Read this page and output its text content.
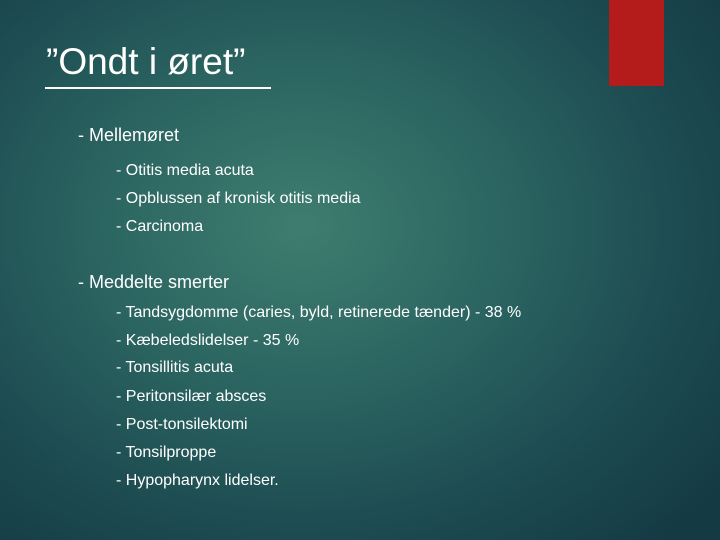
”Ondt i øret”
- Mellemøret
- Otitis media acuta
- Opblussen af kronisk otitis media
- Carcinoma
- Meddelte smerter
- Tandsygdomme (caries, byld, retinerede tænder) - 38 %
- Kæbeledslidelser - 35 %
- Tonsillitis acuta
- Peritonsilær absces
- Post-tonsilektomi
- Tonsilproppe
- Hypopharynx lidelser.
